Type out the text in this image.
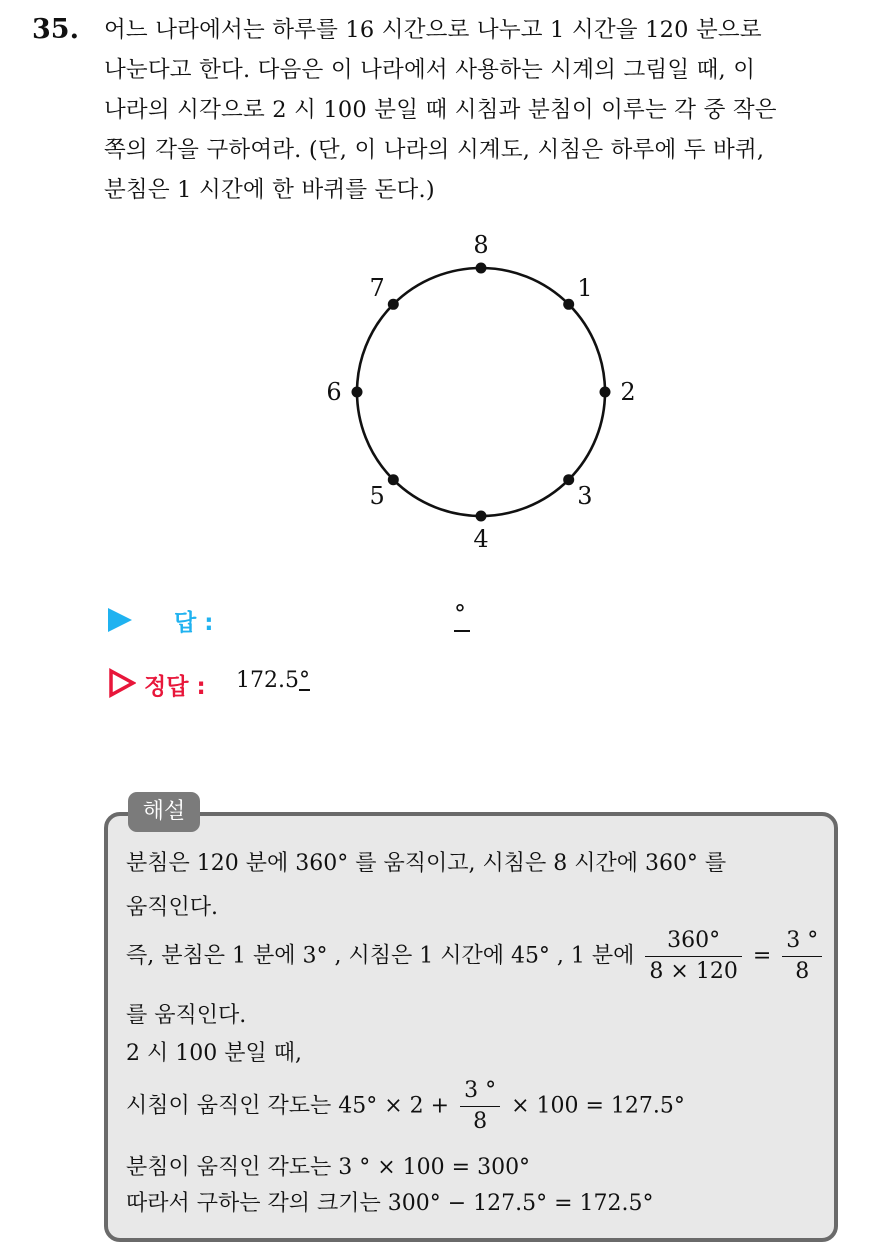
35. 어느 나라에서는 하루를 16 시간으로 나누고 1 시간을 120 분으로
나눈다고 한다. 다음은 이 나라에서 사용하는 시계의 그림일 때, 이
나라의 시각으로 2 시 100 분일 때 시침과 분침이 이루는 각 중 작은
쪽의 각을 구하여라. (단, 이 나라의 시계도, 시침은 하루에 두 바퀴,
분침은 1 시간에 한 바퀴를 돈다.)
8
1
2
3
4
5
6
7
답 :	°
정답 : 172.5°
해설
분침은 120 분에 360° 를 움직이고, 시침은 8 시간에 360° 를
움직인다.
즉, 분침은 1 분에 3° , 시침은 1 시간에 45° , 1 분에 $\frac{360^\circ}{8 \times 120} = \frac{3 ^\circ}{8}$
를 움직인다.
2 시 100 분일 때,
시침이 움직인 각도는 $45^\circ \times 2 + \frac{3 ^\circ}{8} \times 100 = 127.5^\circ$
분침이 움직인 각도는 3 ° × 100 = 300°
따라서 구하는 각의 크기는 300° − 127.5° = 172.5°
